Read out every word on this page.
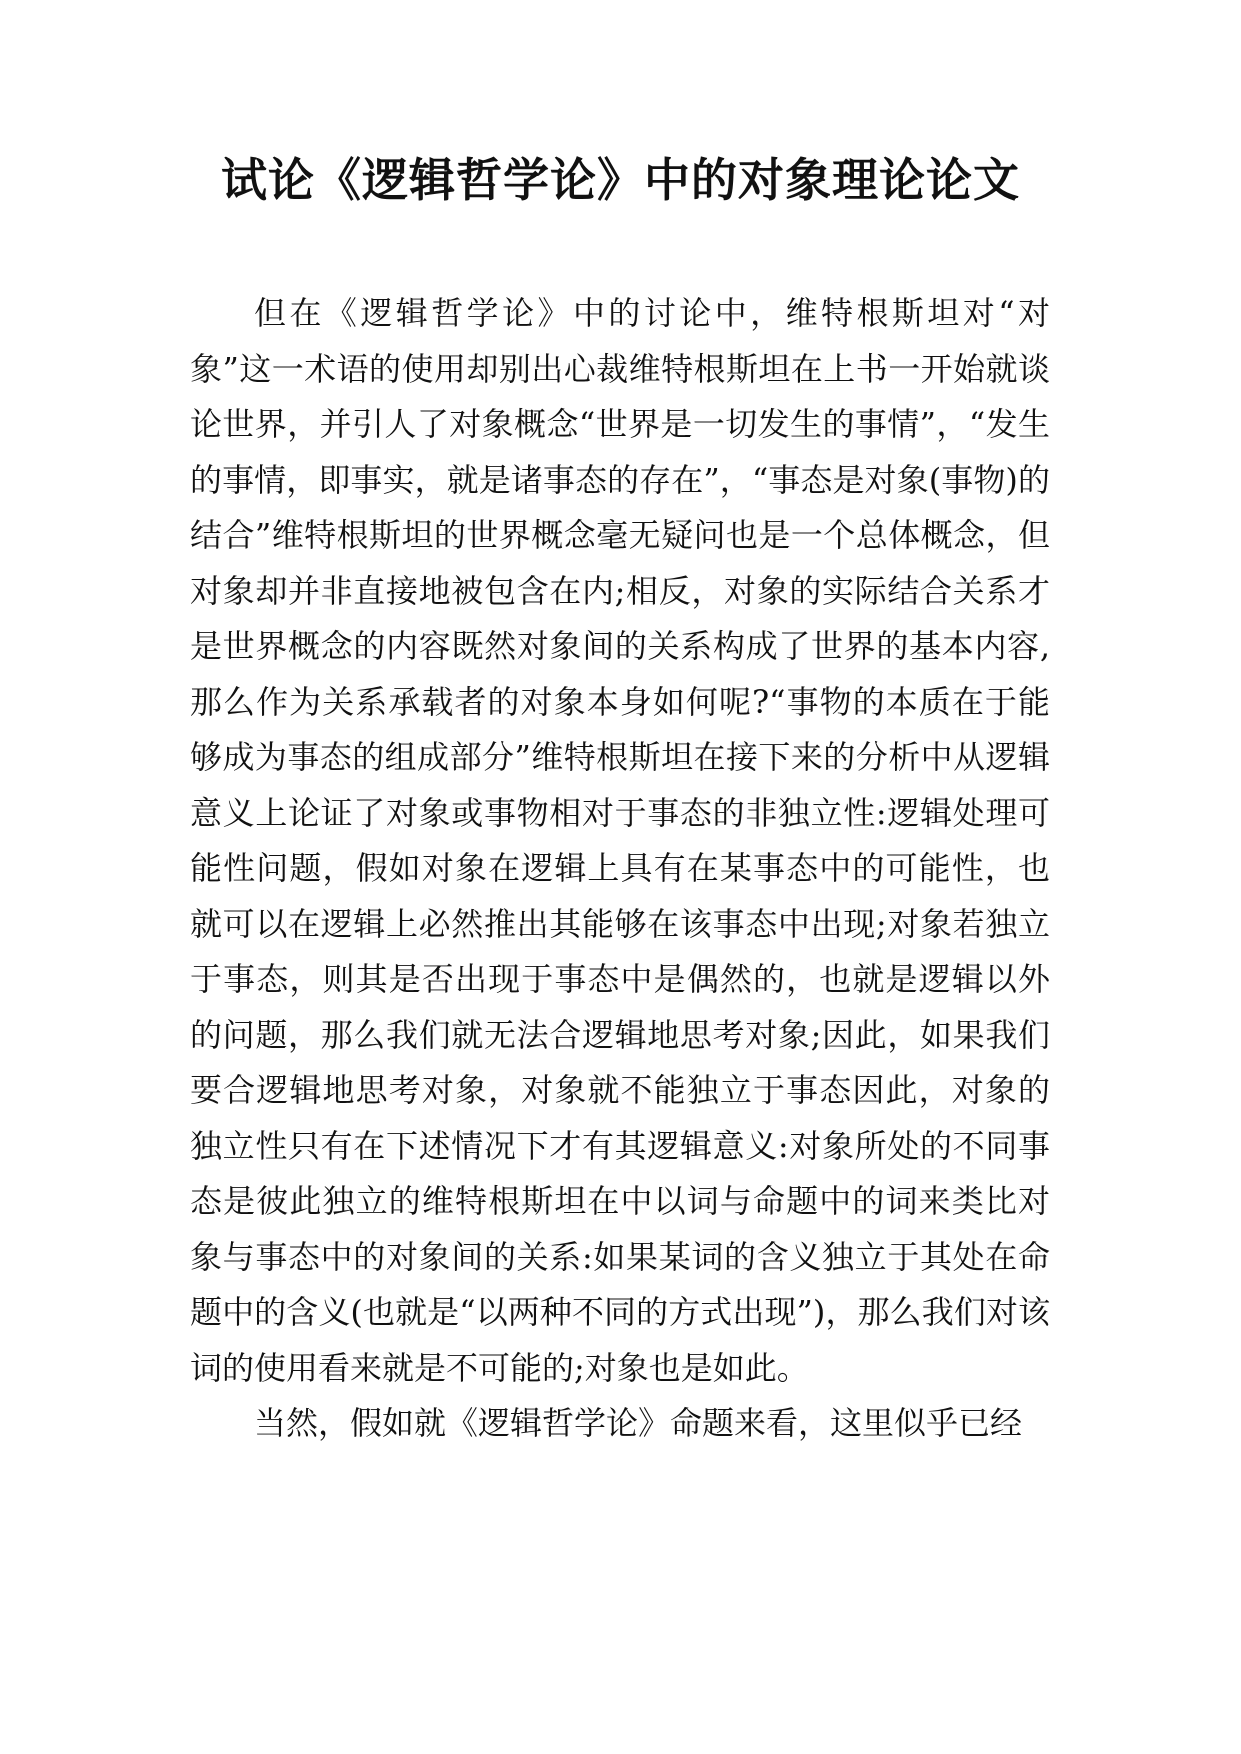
试论《逻辑哲学论》中的对象理论论文

但在《逻辑哲学论》中的讨论中，维特根斯坦对“对象”这一术语的使用却别出心裁维特根斯坦在上书一开始就谈论世界，并引人了对象概念“世界是一切发生的事情”，“发生的事情，即事实，就是诸事态的存在”，“事态是对象(事物)的结合”维特根斯坦的世界概念毫无疑问也是一个总体概念，但对象却并非直接地被包含在内;相反，对象的实际结合关系才是世界概念的内容既然对象间的关系构成了世界的基本内容,那么作为关系承载者的对象本身如何呢?“事物的本质在于能够成为事态的组成部分”维特根斯坦在接下来的分析中从逻辑意义上论证了对象或事物相对于事态的非独立性:逻辑处理可能性问题，假如对象在逻辑上具有在某事态中的可能性，也就可以在逻辑上必然推出其能够在该事态中出现;对象若独立于事态，则其是否出现于事态中是偶然的，也就是逻辑以外的问题，那么我们就无法合逻辑地思考对象;因此，如果我们要合逻辑地思考对象，对象就不能独立于事态因此，对象的独立性只有在下述情况下才有其逻辑意义:对象所处的不同事态是彼此独立的维特根斯坦在中以词与命题中的词来类比对象与事态中的对象间的关系:如果某词的含义独立于其处在命题中的含义(也就是“以两种不同的方式出现”)，那么我们对该词的使用看来就是不可能的;对象也是如此。

当然，假如就《逻辑哲学论》命题来看，这里似乎已经
